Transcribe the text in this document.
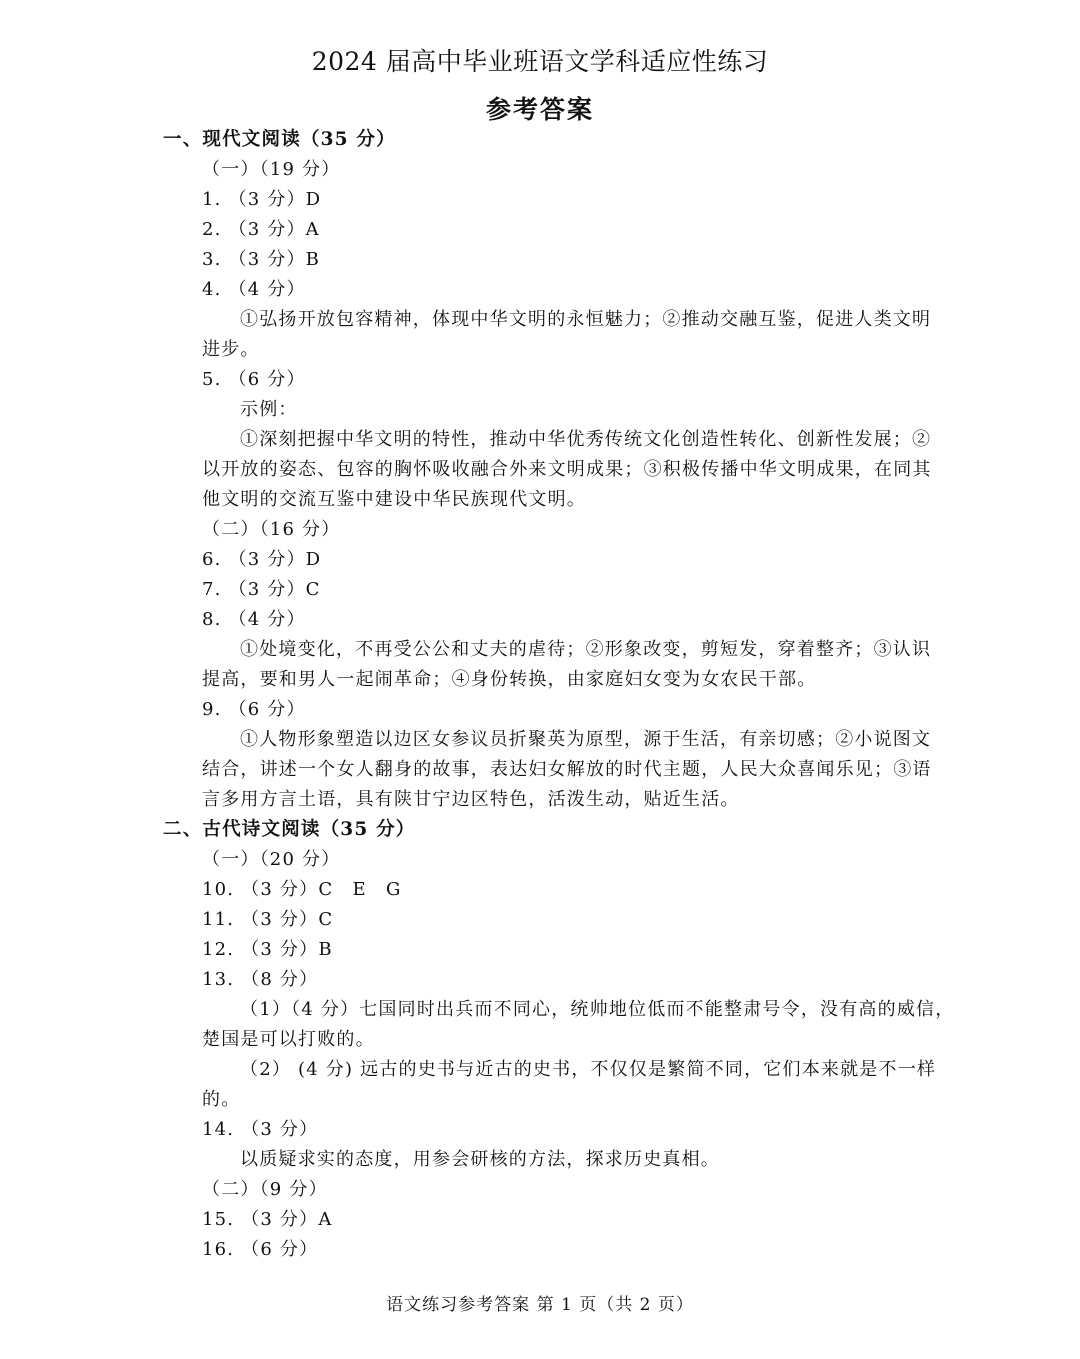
2024 届高中毕业班语文学科适应性练习
参考答案
一、现代文阅读（35 分）
（一）（19 分）
1. （3 分）D
2. （3 分）A
3. （3 分）B
4. （4 分）
①弘扬开放包容精神，体现中华文明的永恒魅力；②推动交融互鉴，促进人类文明
进步。
5. （6 分）
示例：
①深刻把握中华文明的特性，推动中华优秀传统文化创造性转化、创新性发展；②
以开放的姿态、包容的胸怀吸收融合外来文明成果；③积极传播中华文明成果，在同其
他文明的交流互鉴中建设中华民族现代文明。
（二）（16 分）
6. （3 分）D
7. （3 分）C
8. （4 分）
①处境变化，不再受公公和丈夫的虐待；②形象改变，剪短发，穿着整齐；③认识
提高，要和男人一起闹革命；④身份转换，由家庭妇女变为女农民干部。
9. （6 分）
①人物形象塑造以边区女参议员折聚英为原型，源于生活，有亲切感；②小说图文
结合，讲述一个女人翻身的故事，表达妇女解放的时代主题，人民大众喜闻乐见；③语
言多用方言土语，具有陕甘宁边区特色，活泼生动，贴近生活。
二、古代诗文阅读（35 分）
（一）（20 分）
10. （3 分）C　E　G
11. （3 分）C
12. （3 分）B
13. （8 分）
（1）（4 分）七国同时出兵而不同心，统帅地位低而不能整肃号令，没有高的威信，
楚国是可以打败的。
（2） (4 分) 远古的史书与近古的史书，不仅仅是繁简不同，它们本来就是不一样
的。
14. （3 分）
以质疑求实的态度，用参会研核的方法，探求历史真相。
（二）（9 分）
15. （3 分）A
16. （6 分）
语文练习参考答案 第 1 页（共 2 页）
